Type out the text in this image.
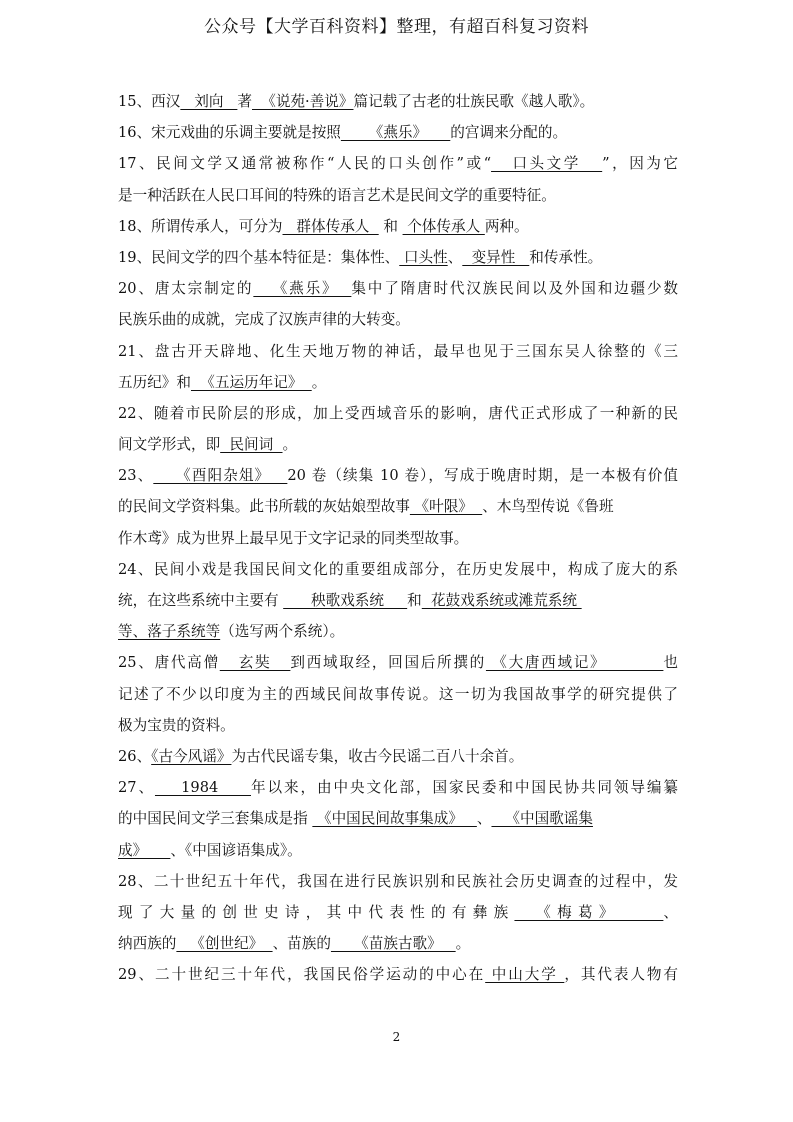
公众号【大学百科资料】整理，有超百科复习资料
15、西汉   刘向   著  《说苑·善说》篇记载了古老的壮族民歌《越人歌》。
16、宋元戏曲的乐调主要就是按照      《燕乐》     的宫调来分配的。
17、民间文学又通常被称作“人民的口头创作”或“   口头文学   ”，因为它
是一种活跃在人民口耳间的特殊的语言艺术是民间文学的重要特征。
18、所谓传承人，可分为   群体传承人   和  个体传承人 两种。
19、民间文学的四个基本特征是：集体性、 口头性、  变异性   和传承性。
20、唐太宗制定的   《燕乐》  集中了隋唐时代汉族民间以及外国和边疆少数
民族乐曲的成就，完成了汉族声律的大转变。
21、盘古开天辟地、化生天地万物的神话，最早也见于三国东吴人徐整的《三
五历纪》和  《五运历年记》  。
22、随着市民阶层的形成，加上受西域音乐的影响，唐代正式形成了一种新的民
间文学形式，即  民间词  。
23、    《酉阳杂俎》   20 卷（续集 10 卷），写成于晚唐时期，是一本极有价值
的民间文学资料集。此书所载的灰姑娘型故事 《叶限》  、木鸟型传说《鲁班
作木鸢》成为世界上最早见于文字记录的同类型故事。
24、民间小戏是我国民间文化的重要组成部分，在历史发展中，构成了庞大的系
统，在这些系统中主要有       秧歌戏系统     和  花鼓戏系统或滩荒系统
等、落子系统等（选写两个系统）。
25、唐代高僧   玄奘   到西域取经，回国后所撰的 《大唐西域记》         也
记述了不少以印度为主的西域民间故事传说。这一切为我国故事学的研究提供了
极为宝贵的资料。
26、《古今风谣》为古代民谣专集，收古今民谣二百八十余首。
27、    1984     年以来，由中央文化部，国家民委和中国民协共同领导编纂
的中国民间文学三套集成是指  《中国民间故事集成》   、   《中国歌谣集
成》     、《中国谚语集成》。
28、二十世纪五十年代，我国在进行民族识别和民族社会历史调查的过程中，发
现了大量的创世史诗，其中代表性的有彝族  《梅葛》    、
纳西族的   《创世纪》  、苗族的     《苗族古歌》   。
29、二十世纪三十年代，我国民俗学运动的中心在 中山大学 ，其代表人物有
2
